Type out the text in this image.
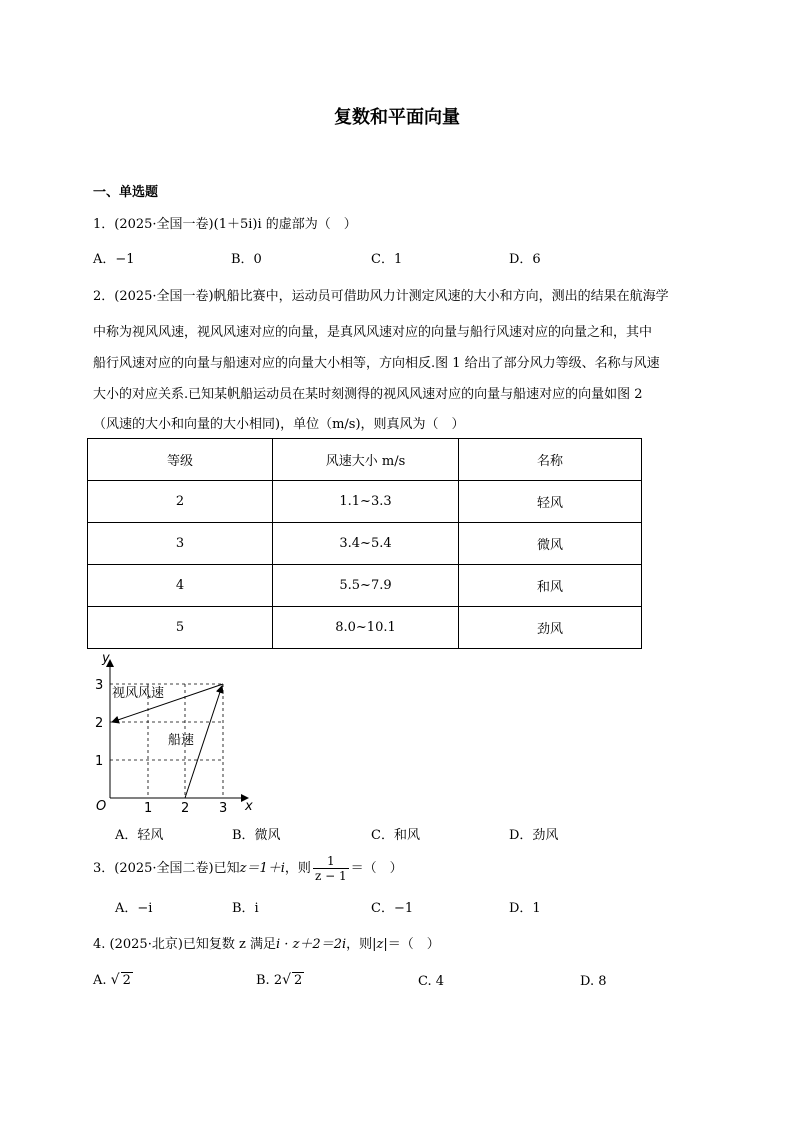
复数和平面向量
一、单选题
1．(2025·全国一卷)(1＋5i)i 的虚部为（　）
A．−1	B．0	C．1	D．6
2．(2025·全国一卷)帆船比赛中，运动员可借助风力计测定风速的大小和方向，测出的结果在航海学
中称为视风风速，视风风速对应的向量，是真风风速对应的向量与船行风速对应的向量之和，其中
船行风速对应的向量与船速对应的向量大小相等，方向相反.图 1 给出了部分风力等级、名称与风速
大小的对应关系.已知某帆船运动员在某时刻测得的视风风速对应的向量与船速对应的向量如图 2
（风速的大小和向量的大小相同)，单位（m/s)，则真风为（　）
等级	风速大小 m/s	名称
2	1.1~3.3	轻风
3	3.4~5.4	微风
4	5.5~7.9	和风
5	8.0~10.1	劲风
y
x
O	1 2 3
1
2
3
视风风速
船速
A．轻风	B．微风	C．和风	D．劲风
3．(2025·全国二卷)已知z＝1＋i，则 $\frac{1}{z - 1}$ ＝（　）
A．−i	B．i	C．−1	D．1
4. (2025·北京)已知复数 z 满足i · z＋2＝2i，则|z|＝（　）
A. √ 2	B. 2√ 2	C. 4	D. 8
